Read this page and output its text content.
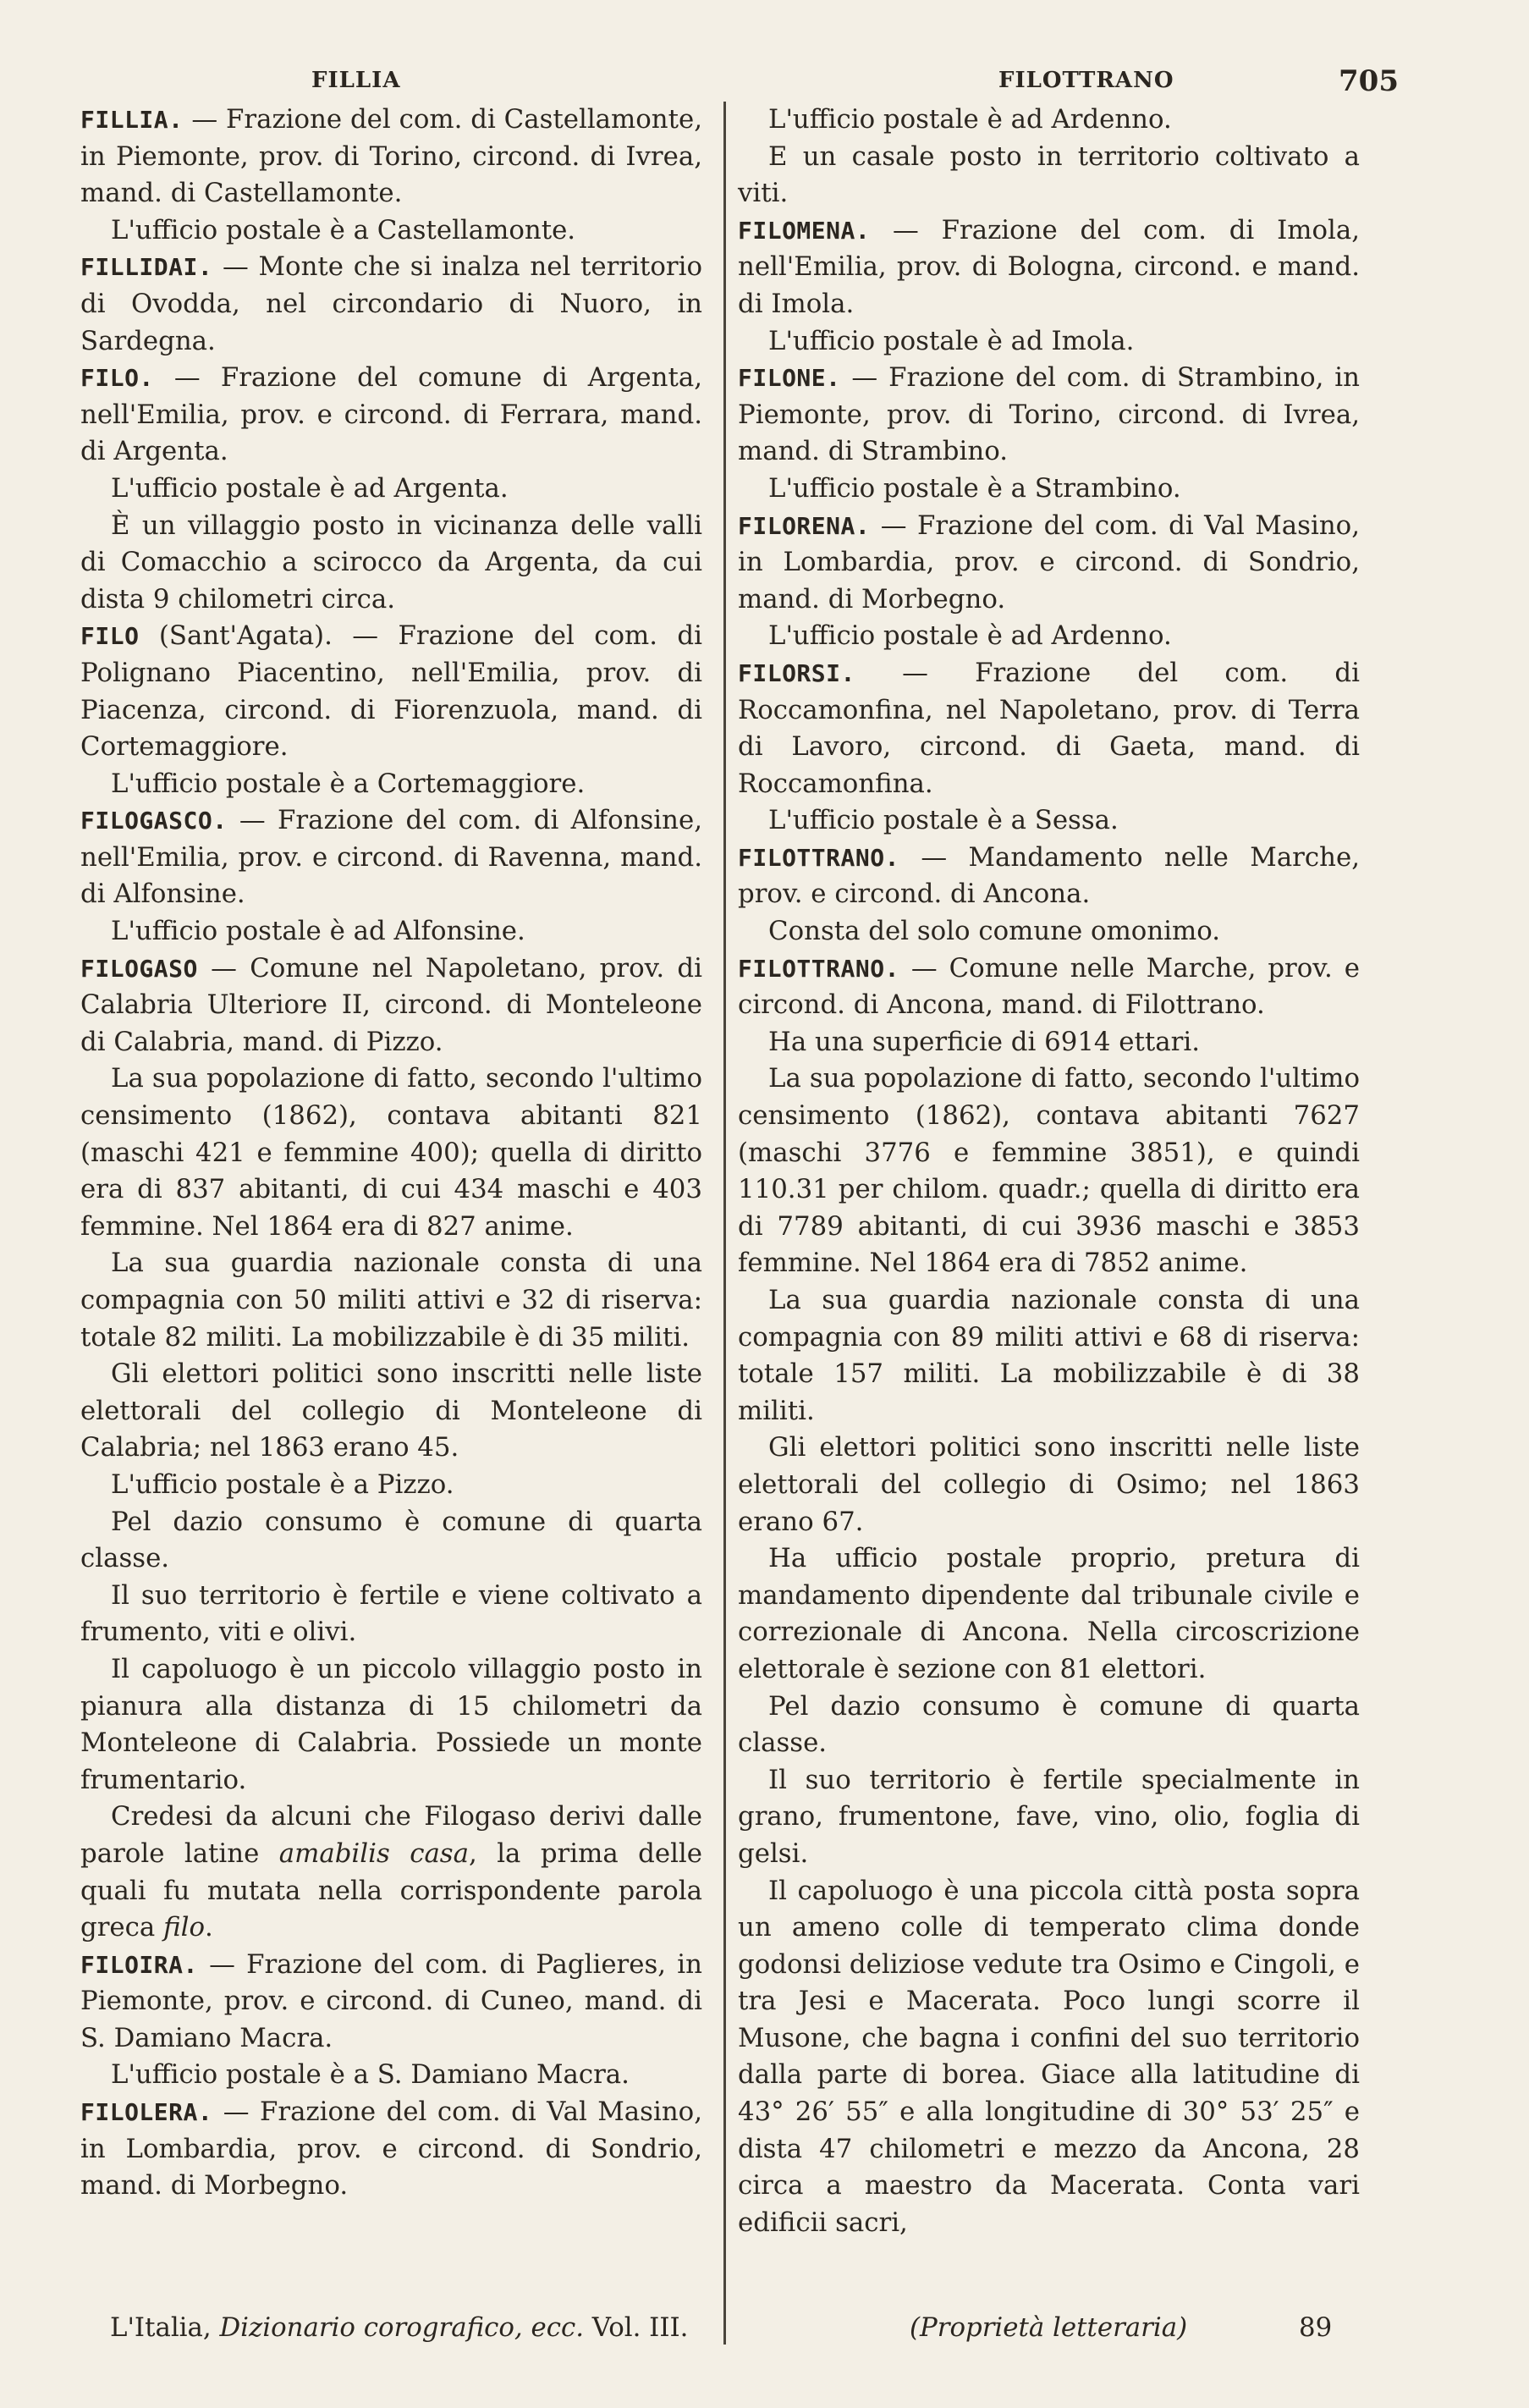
FILLIA	FILOTTRANO	705

FILLIA. — Frazione del com. di Castellamonte, in Piemonte, prov. di Torino, circond. di Ivrea, mand. di Castellamonte.

L'ufficio postale è a Castellamonte.

FILLIDAI. — Monte che si inalza nel territorio di Ovodda, nel circondario di Nuoro, in Sardegna.

FILO. — Frazione del comune di Argenta, nell'Emilia, prov. e circond. di Ferrara, mand. di Argenta.

L'ufficio postale è ad Argenta.

È un villaggio posto in vicinanza delle valli di Comacchio a scirocco da Argenta, da cui dista 9 chilometri circa.

FILO (Sant'Agata). — Frazione del com. di Polignano Piacentino, nell'Emilia, prov. di Piacenza, circond. di Fiorenzuola, mand. di Cortemaggiore.

L'ufficio postale è a Cortemaggiore.

FILOGASCO. — Frazione del com. di Alfonsine, nell'Emilia, prov. e circond. di Ravenna, mand. di Alfonsine.

L'ufficio postale è ad Alfonsine.

FILOGASO — Comune nel Napoletano, prov. di Calabria Ulteriore II, circond. di Monteleone di Calabria, mand. di Pizzo.

La sua popolazione di fatto, secondo l'ultimo censimento (1862), contava abitanti 821 (maschi 421 e femmine 400); quella di diritto era di 837 abitanti, di cui 434 maschi e 403 femmine. Nel 1864 era di 827 anime.

La sua guardia nazionale consta di una compagnia con 50 militi attivi e 32 di riserva: totale 82 militi. La mobilizzabile è di 35 militi.

Gli elettori politici sono inscritti nelle liste elettorali del collegio di Monteleone di Calabria; nel 1863 erano 45.

L'ufficio postale è a Pizzo.

Pel dazio consumo è comune di quarta classe.

Il suo territorio è fertile e viene coltivato a frumento, viti e olivi.

Il capoluogo è un piccolo villaggio posto in pianura alla distanza di 15 chilometri da Monteleone di Calabria. Possiede un monte frumentario.

Credesi da alcuni che Filogaso derivi dalle parole latine amabilis casa, la prima delle quali fu mutata nella corrispondente parola greca filo.

FILOIRA. — Frazione del com. di Paglieres, in Piemonte, prov. e circond. di Cuneo, mand. di S. Damiano Macra.

L'ufficio postale è a S. Damiano Macra.

FILOLERA. — Frazione del com. di Val Masino, in Lombardia, prov. e circond. di Sondrio, mand. di Morbegno.

L'ufficio postale è ad Ardenno.

E un casale posto in territorio coltivato a viti.

FILOMENA. — Frazione del com. di Imola, nell'Emilia, prov. di Bologna, circond. e mand. di Imola.

L'ufficio postale è ad Imola.

FILONE. — Frazione del com. di Strambino, in Piemonte, prov. di Torino, circond. di Ivrea, mand. di Strambino.

L'ufficio postale è a Strambino.

FILORENA. — Frazione del com. di Val Masino, in Lombardia, prov. e circond. di Sondrio, mand. di Morbegno.

L'ufficio postale è ad Ardenno.

FILORSI. — Frazione del com. di Roccamonfina, nel Napoletano, prov. di Terra di Lavoro, circond. di Gaeta, mand. di Roccamonfina.

L'ufficio postale è a Sessa.

FILOTTRANO. — Mandamento nelle Marche, prov. e circond. di Ancona.

Consta del solo comune omonimo.

FILOTTRANO. — Comune nelle Marche, prov. e circond. di Ancona, mand. di Filottrano.

Ha una superficie di 6914 ettari.

La sua popolazione di fatto, secondo l'ultimo censimento (1862), contava abitanti 7627 (maschi 3776 e femmine 3851), e quindi 110.31 per chilom. quadr.; quella di diritto era di 7789 abitanti, di cui 3936 maschi e 3853 femmine. Nel 1864 era di 7852 anime.

La sua guardia nazionale consta di una compagnia con 89 militi attivi e 68 di riserva: totale 157 militi. La mobilizzabile è di 38 militi.

Gli elettori politici sono inscritti nelle liste elettorali del collegio di Osimo; nel 1863 erano 67.

Ha ufficio postale proprio, pretura di mandamento dipendente dal tribunale civile e correzionale di Ancona. Nella circoscrizione elettorale è sezione con 81 elettori.

Pel dazio consumo è comune di quarta classe.

Il suo territorio è fertile specialmente in grano, frumentone, fave, vino, olio, foglia di gelsi.

Il capoluogo è una piccola città posta sopra un ameno colle di temperato clima donde godonsi deliziose vedute tra Osimo e Cingoli, e tra Jesi e Macerata. Poco lungi scorre il Musone, che bagna i confini del suo territorio dalla parte di borea. Giace alla latitudine di 43° 26′ 55″ e alla longitudine di 30° 53′ 25″ e dista 47 chilometri e mezzo da Ancona, 28 circa a maestro da Macerata. Conta vari edificii sacri,

L'Italia, Dizionario corografico, ecc. Vol. III.	(Proprietà letteraria)	89
